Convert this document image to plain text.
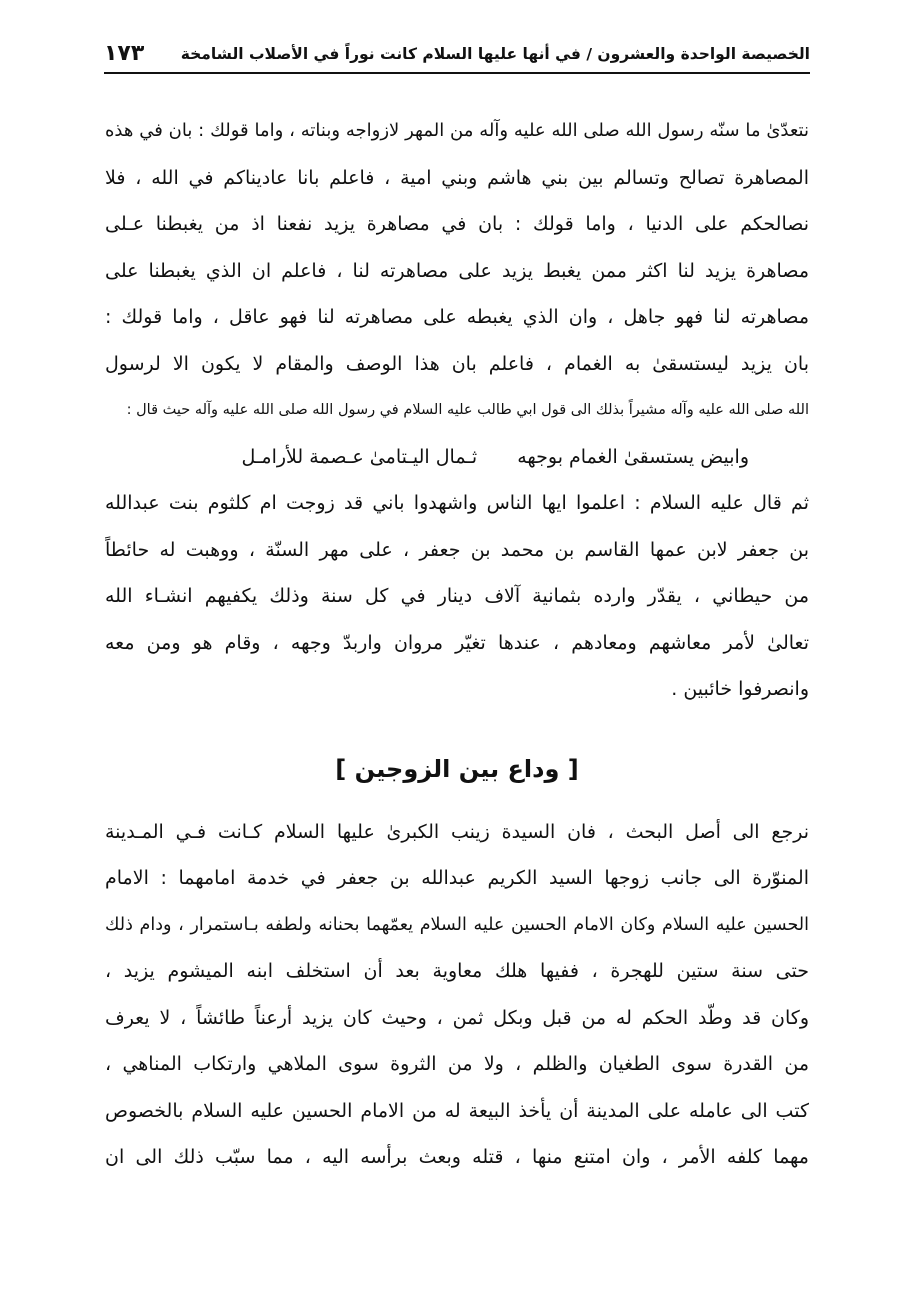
الخصيصة الواحدة والعشرون / في أنها عليها السلام كانت نوراً في الأصلاب الشامخة
١٧٣
نتعدّىٰ ما سنّه رسول الله صلى الله عليه وآله من المهر لازواجه وبناته ، واما قولك : بان في هذه
المصاهرة تصالح وتسالم بين بني هاشم وبني امية ، فاعلم بانا عاديناكم في الله ، فلا
نصالحكم على الدنيا ، واما قولك : بان في مصاهرة يزيد نفعنا اذ من يغبطنا عـلى
مصاهرة يزيد لنا اكثر ممن يغبط يزيد على مصاهرته لنا ، فاعلم ان الذي يغبطنا على
مصاهرته لنا فهو جاهل ، وان الذي يغبطه على مصاهرته لنا فهو عاقل ، واما قولك :
بان يزيد ليستسقىٰ به الغمام ، فاعلم بان هذا الوصف والمقام لا يكون الا لرسول
الله صلى الله عليه وآله مشيراً بذلك الى قول ابي طالب عليه السلام في رسول الله صلى الله عليه وآله حيث قال :
وابيض يستسقىٰ الغمام بوجهه
ثـمال اليـتامىٰ عـصمة للأرامـل
ثم قال عليه السلام : اعلموا ايها الناس واشهدوا باني قد زوجت ام كلثوم بنت عبدالله
بن جعفر لابن عمها القاسم بن محمد بن جعفر ، على مهر السنّة ، ووهبت له حائطاً
من حيطاني ، يقدّر وارده بثمانية آلاف دينار في كل سنة وذلك يكفيهم انشـاء الله
تعالىٰ لأمر معاشهم ومعادهم ، عندها تغيّر مروان واربدّ وجهه ، وقام هو ومن معه
وانصرفوا خائبين .
[ وداع بين الزوجين ]
نرجع الى أصل البحث ، فان السيدة زينب الكبرىٰ عليها السلام كـانت فـي المـدينة
المنوّرة الى جانب زوجها السيد الكريم عبدالله بن جعفر في خدمة امامهما : الامام
الحسين عليه السلام وكان الامام الحسين عليه السلام يعمّهما بحنانه ولطفه بـاستمرار ، ودام ذلك
حتى سنة ستين للهجرة ، ففيها هلك معاوية بعد أن استخلف ابنه الميشوم يزيد ،
وكان قد وطّد الحكم له من قبل وبكل ثمن ، وحيث كان يزيد أرعناً طائشاً ، لا يعرف
من القدرة سوى الطغيان والظلم ، ولا من الثروة سوى الملاهي وارتكاب المناهي ،
كتب الى عامله على المدينة أن يأخذ البيعة له من الامام الحسين عليه السلام بالخصوص
مهما كلفه الأمر ، وان امتنع منها ، قتله وبعث برأسه اليه ، مما سبّب ذلك الى ان
